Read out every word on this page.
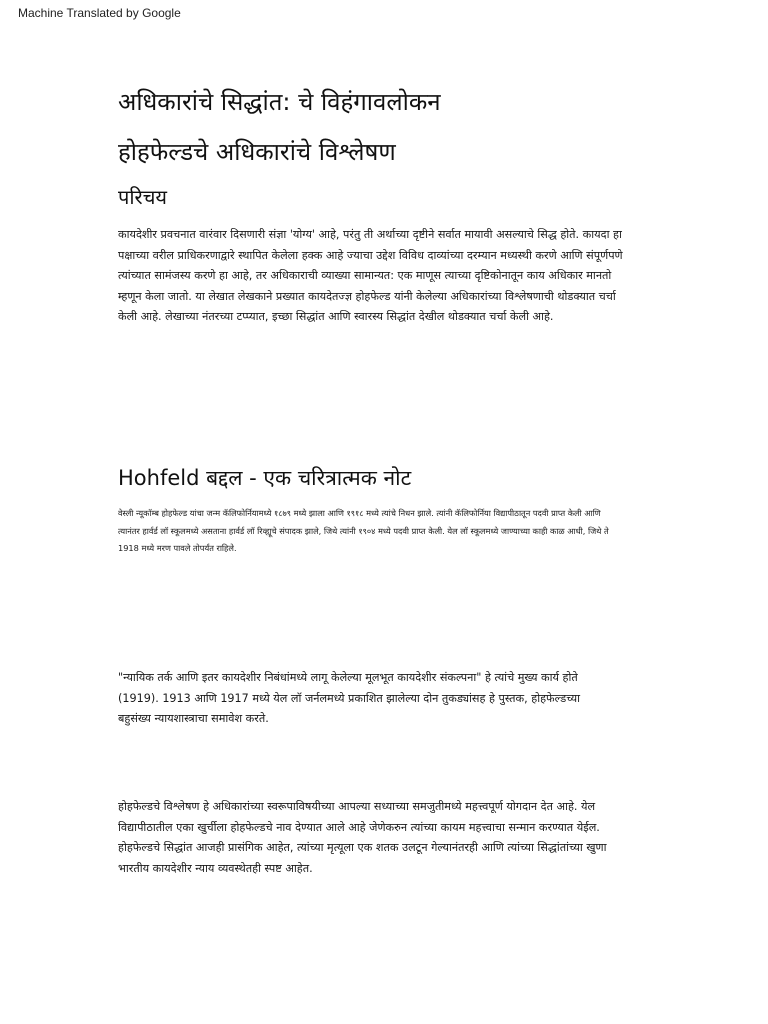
Machine Translated by Google
अधिकारांचे सिद्धांत: चे विहंगावलोकन
होहफेल्डचे अधिकारांचे विश्लेषण
परिचय
कायदेशीर प्रवचनात वारंवार दिसणारी संज्ञा 'योग्य' आहे, परंतु ती अर्थाच्या दृष्टीने सर्वात मायावी असल्याचे सिद्ध होते. कायदा हा पक्षाच्या वरील प्राधिकरणाद्वारे स्थापित केलेला हक्क आहे ज्याचा उद्देश विविध दाव्यांच्या दरम्यान मध्यस्थी करणे आणि संपूर्णपणे त्यांच्यात सामंजस्य करणे हा आहे, तर अधिकाराची व्याख्या सामान्यत: एक माणूस त्याच्या दृष्टिकोनातून काय अधिकार मानतो म्हणून केला जातो. या लेखात लेखकाने प्रख्यात कायदेतज्ज्ञ होहफेल्ड यांनी केलेल्या अधिकारांच्या विश्लेषणाची थोडक्यात चर्चा केली आहे. लेखाच्या नंतरच्या टप्प्यात, इच्छा सिद्धांत आणि स्वारस्य सिद्धांत देखील थोडक्यात चर्चा केली आहे.
Hohfeld बद्दल - एक चरित्रात्मक नोट
वेस्ली न्यूकॉम्ब होहफेल्ड यांचा जन्म कॅलिफोर्नियामध्ये १८७९ मध्ये झाला आणि १९१८ मध्ये त्यांचे निधन झाले. त्यांनी कॅलिफोर्निया विद्यापीठातून पदवी प्राप्त केली आणि त्यानंतर हार्वर्ड लॉ स्कूलमध्ये असताना हार्वर्ड लॉ रिव्ह्यूचे संपादक झाले, जिथे त्यांनी १९०४ मध्ये पदवी प्राप्त केली. येल लॉ स्कूलमध्ये जाण्याच्या काही काळ आधी, जिथे ते 1918 मध्ये मरण पावले तोपर्यंत राहिले.
"न्यायिक तर्क आणि इतर कायदेशीर निबंधांमध्ये लागू केलेल्या मूलभूत कायदेशीर संकल्पना" हे त्यांचे मुख्य कार्य होते (1919). 1913 आणि 1917 मध्ये येल लॉ जर्नलमध्ये प्रकाशित झालेल्या दोन तुकड्यांसह हे पुस्तक, होहफेल्डच्या बहुसंख्य न्यायशास्त्राचा समावेश करते.
होहफेल्डचे विश्लेषण हे अधिकारांच्या स्वरूपाविषयीच्या आपल्या सध्याच्या समजुतीमध्ये महत्त्वपूर्ण योगदान देत आहे. येल विद्यापीठातील एका खुर्चीला होहफेल्डचे नाव देण्यात आले आहे जेणेकरुन त्यांच्या कायम महत्त्वाचा सन्मान करण्यात येईल. होहफेल्डचे सिद्धांत आजही प्रासंगिक आहेत, त्यांच्या मृत्यूला एक शतक उलटून गेल्यानंतरही आणि त्यांच्या सिद्धांतांच्या खुणा भारतीय कायदेशीर न्याय व्यवस्थेतही स्पष्ट आहेत.
